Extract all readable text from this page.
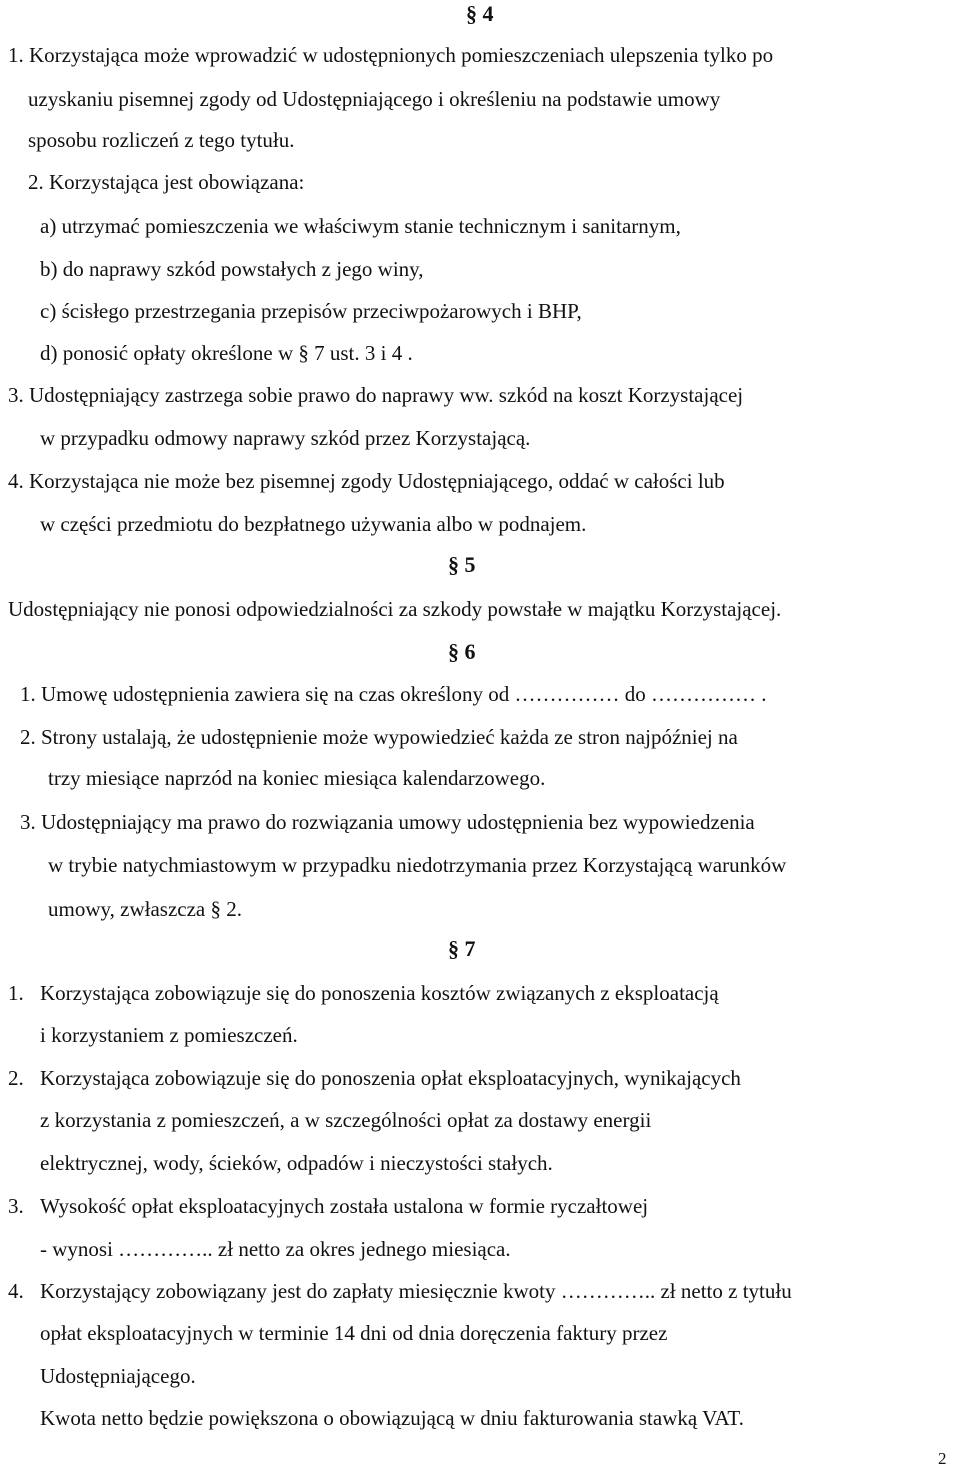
§ 4
1. Korzystająca może wprowadzić w udostępnionych pomieszczeniach ulepszenia tylko po
uzyskaniu pisemnej zgody od Udostępniającego i określeniu na podstawie umowy
sposobu rozliczeń z tego tytułu.
2. Korzystająca jest obowiązana:
a) utrzymać pomieszczenia we właściwym stanie technicznym i sanitarnym,
b) do naprawy szkód powstałych z jego winy,
c) ścisłego przestrzegania przepisów przeciwpożarowych i BHP,
d) ponosić opłaty określone w § 7 ust. 3 i 4 .
3. Udostępniający zastrzega sobie prawo do naprawy ww. szkód na koszt Korzystającej
w przypadku odmowy naprawy szkód przez Korzystającą.
4. Korzystająca nie może bez pisemnej zgody Udostępniającego, oddać w całości lub
w części przedmiotu do bezpłatnego używania albo w podnajem.
§ 5
Udostępniający nie ponosi odpowiedzialności za szkody powstałe w majątku Korzystającej.
§ 6
1. Umowę udostępnienia zawiera się na czas określony od …………… do …………… .
2. Strony ustalają, że udostępnienie może wypowiedzieć każda ze stron najpóźniej na
trzy miesiące naprzód na koniec miesiąca kalendarzowego.
3. Udostępniający ma prawo do rozwiązania umowy udostępnienia bez wypowiedzenia
w trybie natychmiastowym w przypadku niedotrzymania przez Korzystającą warunków
umowy, zwłaszcza § 2.
§ 7
1. Korzystająca zobowiązuje się do ponoszenia kosztów związanych z eksploatacją
i korzystaniem z pomieszczeń.
2. Korzystająca zobowiązuje się do ponoszenia opłat eksploatacyjnych, wynikających
z korzystania z pomieszczeń, a w szczególności opłat za dostawy energii
elektrycznej, wody, ścieków, odpadów i nieczystości stałych.
3. Wysokość opłat eksploatacyjnych została ustalona w formie ryczałtowej
- wynosi ………….. zł netto za okres jednego miesiąca.
4. Korzystający zobowiązany jest do zapłaty miesięcznie kwoty ………….. zł netto z tytułu
opłat eksploatacyjnych w terminie 14 dni od dnia doręczenia faktury przez
Udostępniającego.
Kwota netto będzie powiększona o obowiązującą w dniu fakturowania stawką VAT.
2
